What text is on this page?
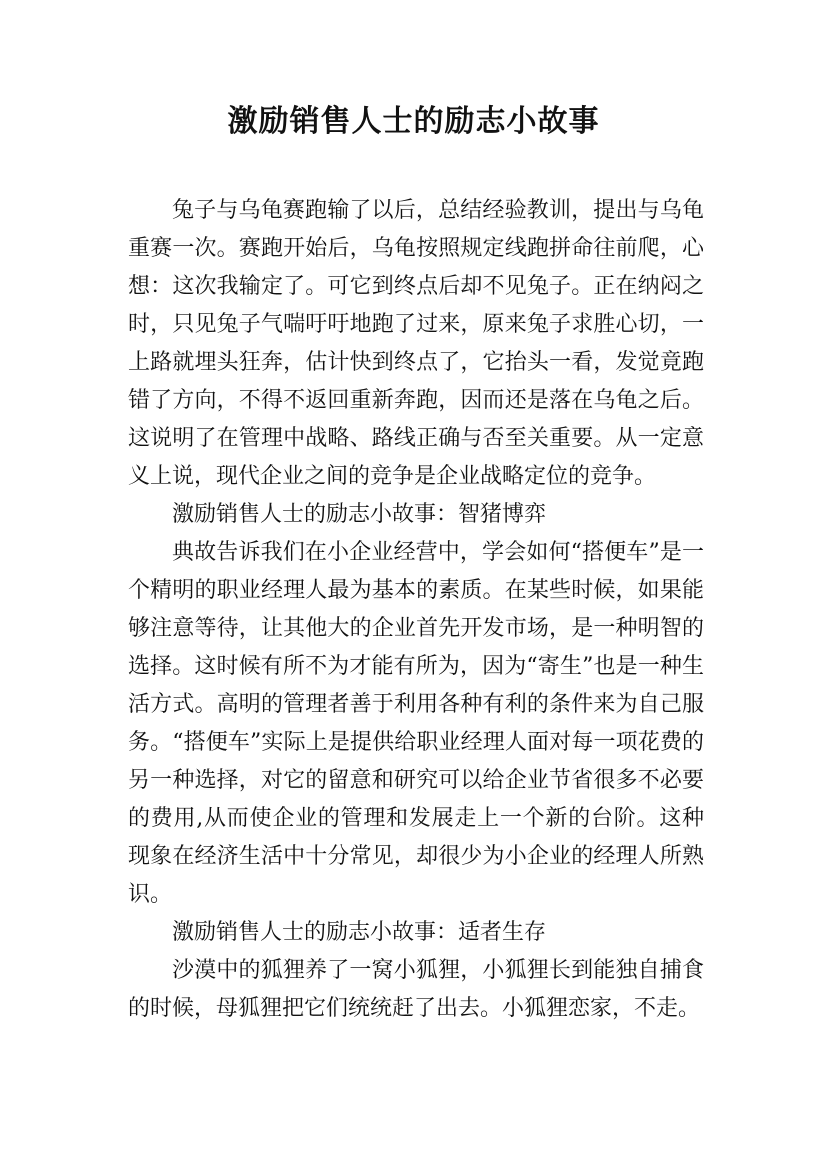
激励销售人士的励志小故事

兔子与乌龟赛跑输了以后，总结经验教训，提出与乌龟重赛一次。赛跑开始后，乌龟按照规定线跑拼命往前爬，心想：这次我输定了。可它到终点后却不见兔子。正在纳闷之时，只见兔子气喘吁吁地跑了过来，原来兔子求胜心切，一上路就埋头狂奔，估计快到终点了，它抬头一看，发觉竟跑错了方向，不得不返回重新奔跑，因而还是落在乌龟之后。这说明了在管理中战略、路线正确与否至关重要。从一定意义上说，现代企业之间的竞争是企业战略定位的竞争。

激励销售人士的励志小故事：智猪博弈

典故告诉我们在小企业经营中，学会如何“搭便车”是一个精明的职业经理人最为基本的素质。在某些时候，如果能够注意等待，让其他大的企业首先开发市场，是一种明智的选择。这时候有所不为才能有所为，因为“寄生”也是一种生活方式。高明的管理者善于利用各种有利的条件来为自己服务。“搭便车”实际上是提供给职业经理人面对每一项花费的另一种选择，对它的留意和研究可以给企业节省很多不必要的费用,从而使企业的管理和发展走上一个新的台阶。这种现象在经济生活中十分常见，却很少为小企业的经理人所熟识。

激励销售人士的励志小故事：适者生存

沙漠中的狐狸养了一窝小狐狸，小狐狸长到能独自捕食的时候，母狐狸把它们统统赶了出去。小狐狸恋家，不走。
